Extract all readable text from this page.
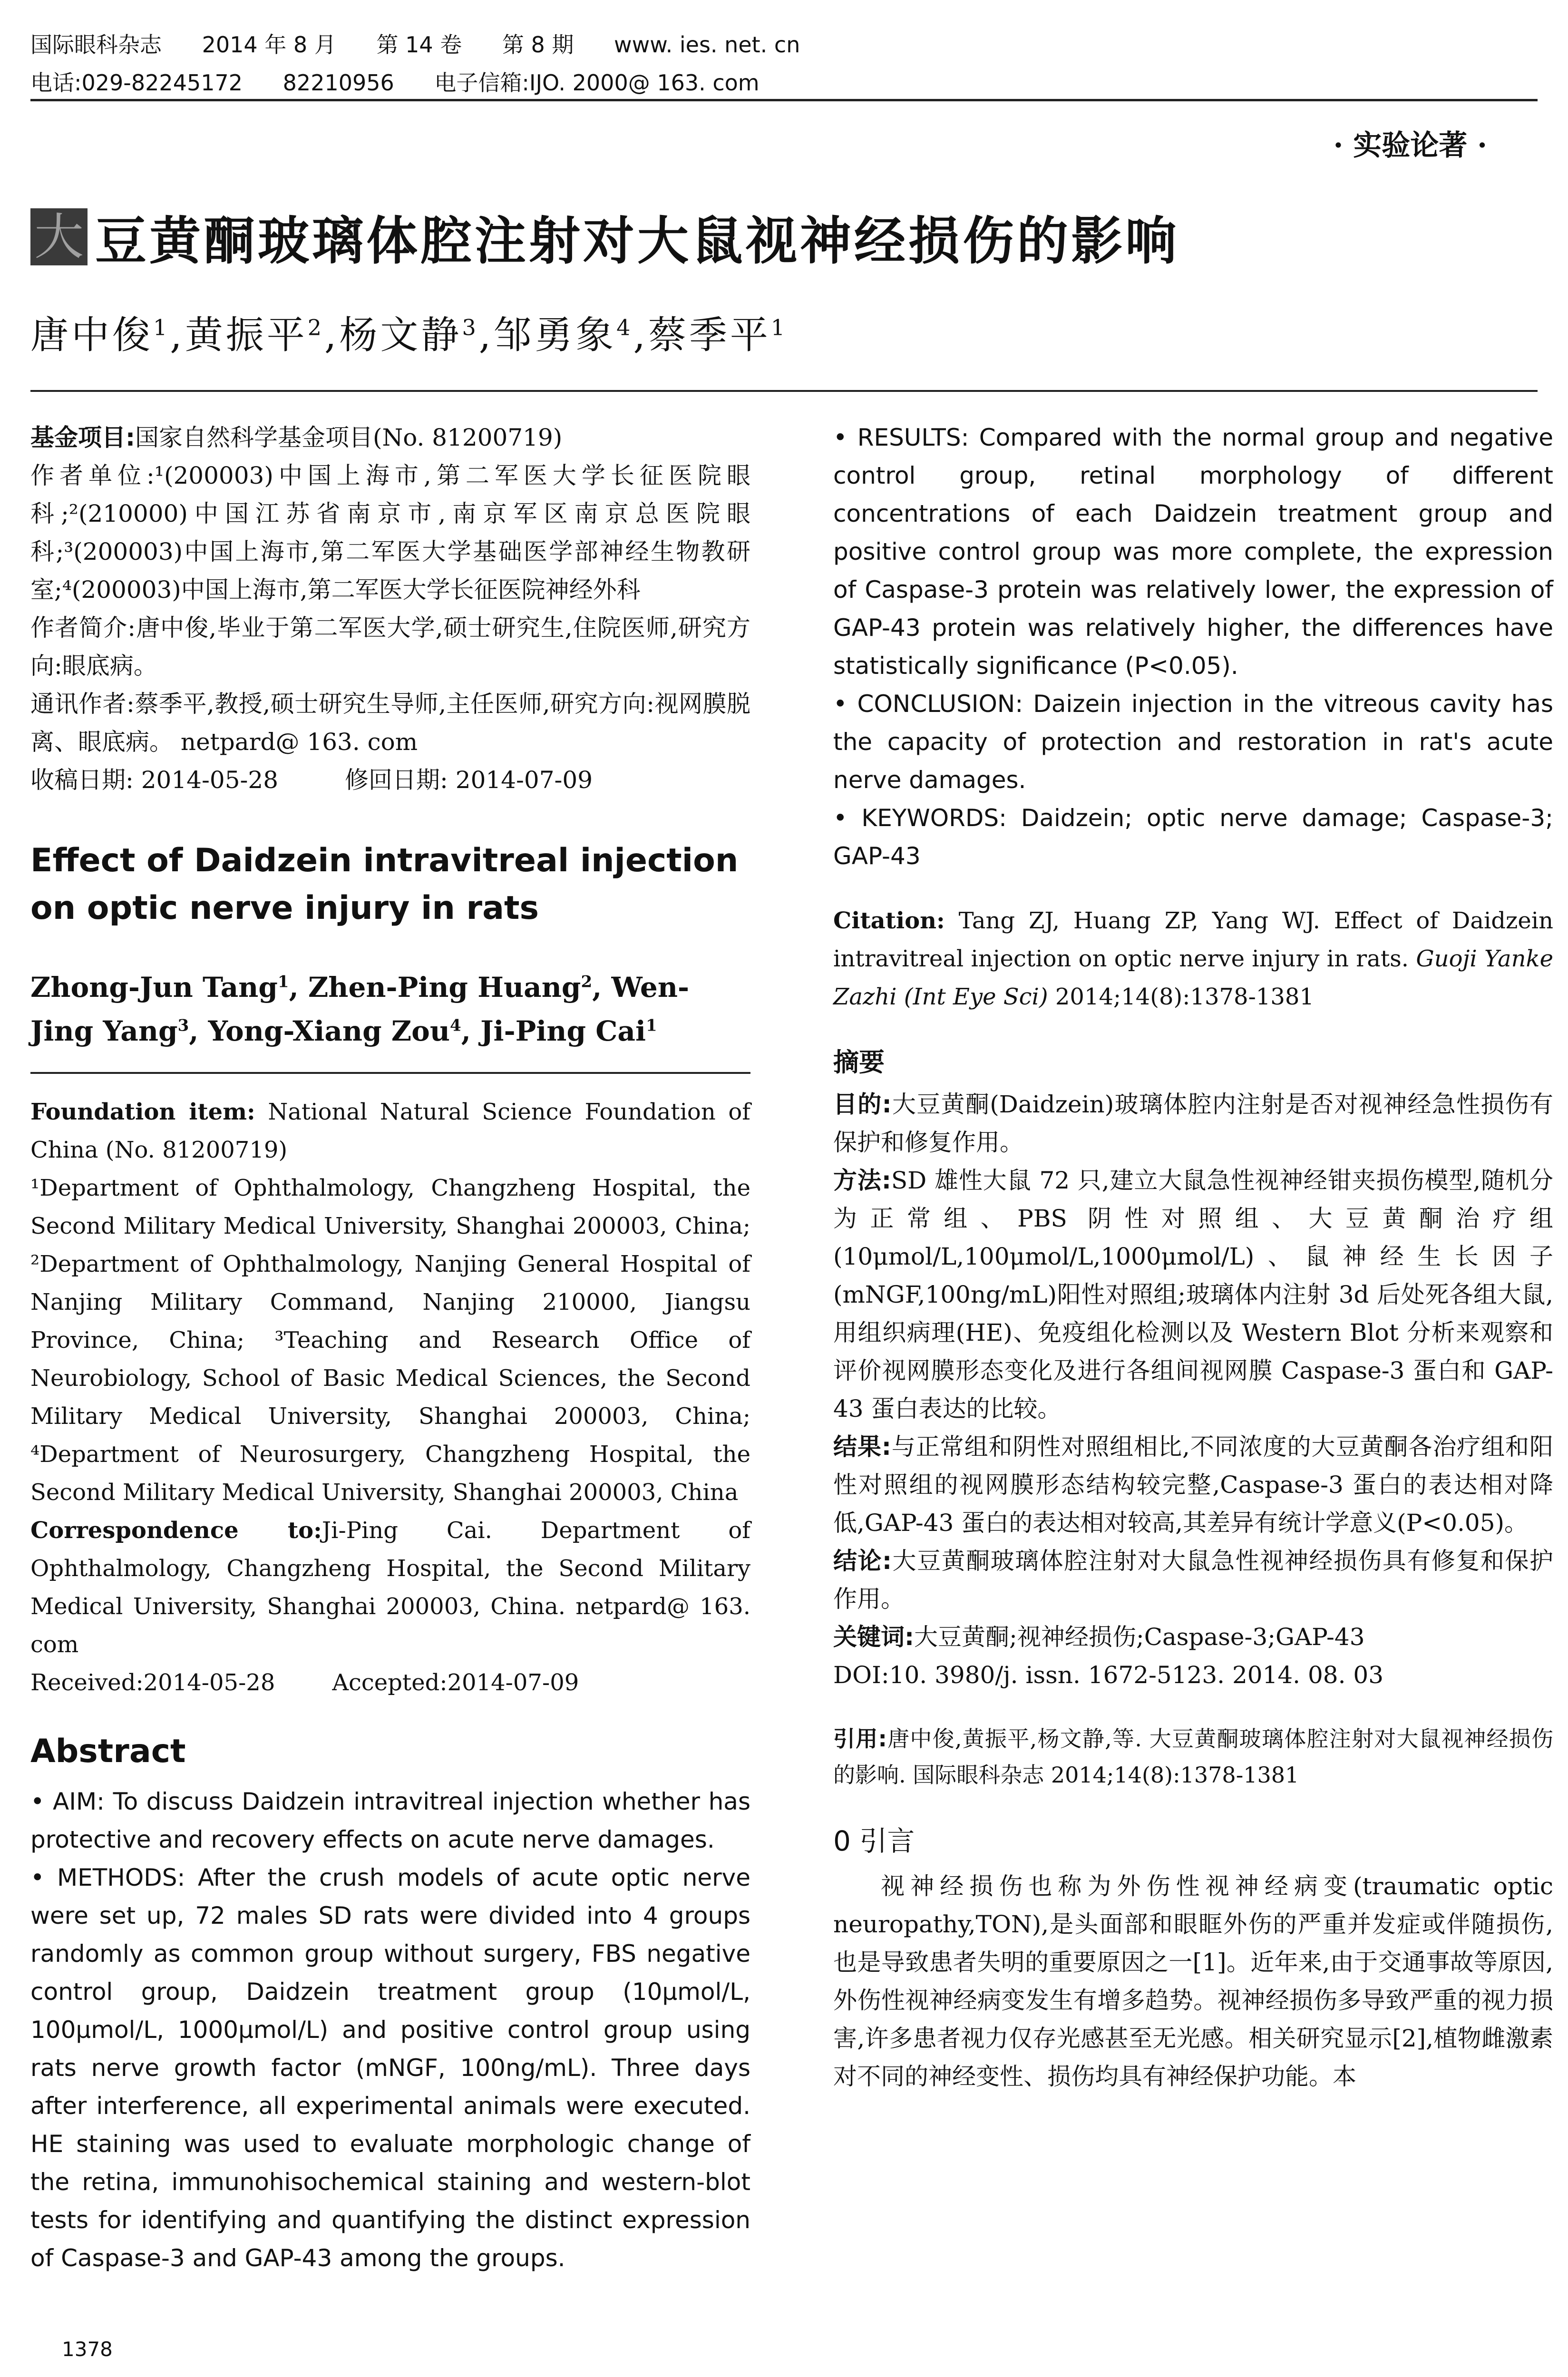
国际眼科杂志 2014 年 8 月 第 14 卷 第 8 期 www. ies. net. cn
电话:029-82245172 82210956 电子信箱:IJO. 2000@ 163. com
· 实验论著 ·
大 豆黄酮玻璃体腔注射对大鼠视神经损伤的影响
唐中俊$^1$,黄振平$^2$,杨文静$^3$,邹勇象$^4$,蔡季平$^1$

基金项目:国家自然科学基金项目(No. 81200719)

作者单位:¹(200003)中国上海市,第二军医大学长征医院眼科;²(210000)中国江苏省南京市,南京军区南京总医院眼科;³(200003)中国上海市,第二军医大学基础医学部神经生物教研室;⁴(200003)中国上海市,第二军医大学长征医院神经外科

作者简介:唐中俊,毕业于第二军医大学,硕士研究生,住院医师,研究方向:眼底病。

通讯作者:蔡季平,教授,硕士研究生导师,主任医师,研究方向:视网膜脱离、眼底病。 netpard@ 163. com

收稿日期: 2014-05-28	修回日期: 2014-07-09

Effect of Daidzein intravitreal injection on optic nerve injury in rats
Zhong-Jun Tang$^1$, Zhen-Ping Huang$^2$, Wen-Jing Yang$^3$, Yong-Xiang Zou$^4$, Ji-Ping Cai$^1$

Foundation item: National Natural Science Foundation of China (No. 81200719)

¹Department of Ophthalmology, Changzheng Hospital, the Second Military Medical University, Shanghai 200003, China; ²Department of Ophthalmology, Nanjing General Hospital of Nanjing Military Command, Nanjing 210000, Jiangsu Province, China; ³Teaching and Research Office of Neurobiology, School of Basic Medical Sciences, the Second Military Medical University, Shanghai 200003, China; ⁴Department of Neurosurgery, Changzheng Hospital, the Second Military Medical University, Shanghai 200003, China

Correspondence to:Ji-Ping Cai. Department of Ophthalmology, Changzheng Hospital, the Second Military Medical University, Shanghai 200003, China. netpard@ 163. com

Received:2014-05-28	Accepted:2014-07-09

Abstract

• AIM: To discuss Daidzein intravitreal injection whether has protective and recovery effects on acute nerve damages.

• METHODS: After the crush models of acute optic nerve were set up, 72 males SD rats were divided into 4 groups randomly as common group without surgery, FBS negative control group, Daidzein treatment group (10μmol/L, 100μmol/L, 1000μmol/L) and positive control group using rats nerve growth factor (mNGF, 100ng/mL). Three days after interference, all experimental animals were executed. HE staining was used to evaluate morphologic change of the retina, immunohisochemical staining and western-blot tests for identifying and quantifying the distinct expression of Caspase-3 and GAP-43 among the groups.

• RESULTS: Compared with the normal group and negative control group, retinal morphology of different concentrations of each Daidzein treatment group and positive control group was more complete, the expression of Caspase-3 protein was relatively lower, the expression of GAP-43 protein was relatively higher, the differences have statistically significance (P<0.05).

• CONCLUSION: Daizein injection in the vitreous cavity has the capacity of protection and restoration in rat's acute nerve damages.

• KEYWORDS: Daidzein; optic nerve damage; Caspase-3; GAP-43

Citation: Tang ZJ, Huang ZP, Yang WJ. Effect of Daidzein intravitreal injection on optic nerve injury in rats. Guoji Yanke Zazhi (Int Eye Sci) 2014;14(8):1378-1381

摘要

目的:大豆黄酮(Daidzein)玻璃体腔内注射是否对视神经急性损伤有保护和修复作用。

方法:SD 雄性大鼠 72 只,建立大鼠急性视神经钳夹损伤模型,随机分为正常组、PBS 阴性对照组、大豆黄酮治疗组(10μmol/L,100μmol/L,1000μmol/L)、鼠神经生长因子(mNGF,100ng/mL)阳性对照组;玻璃体内注射 3d 后处死各组大鼠,用组织病理(HE)、免疫组化检测以及 Western Blot 分析来观察和评价视网膜形态变化及进行各组间视网膜 Caspase-3 蛋白和 GAP-43 蛋白表达的比较。

结果:与正常组和阴性对照组相比,不同浓度的大豆黄酮各治疗组和阳性对照组的视网膜形态结构较完整,Caspase-3 蛋白的表达相对降低,GAP-43 蛋白的表达相对较高,其差异有统计学意义(P<0.05)。

结论:大豆黄酮玻璃体腔注射对大鼠急性视神经损伤具有修复和保护作用。

关键词:大豆黄酮;视神经损伤;Caspase-3;GAP-43

DOI:10. 3980/j. issn. 1672-5123. 2014. 08. 03

引用:唐中俊,黄振平,杨文静,等. 大豆黄酮玻璃体腔注射对大鼠视神经损伤的影响. 国际眼科杂志 2014;14(8):1378-1381

0 引言

视神经损伤也称为外伤性视神经病变(traumatic optic neuropathy,TON),是头面部和眼眶外伤的严重并发症或伴随损伤,也是导致患者失明的重要原因之一[1]。近年来,由于交通事故等原因,外伤性视神经病变发生有增多趋势。视神经损伤多导致严重的视力损害,许多患者视力仅存光感甚至无光感。相关研究显示[2],植物雌激素对不同的神经变性、损伤均具有神经保护功能。本

1378
